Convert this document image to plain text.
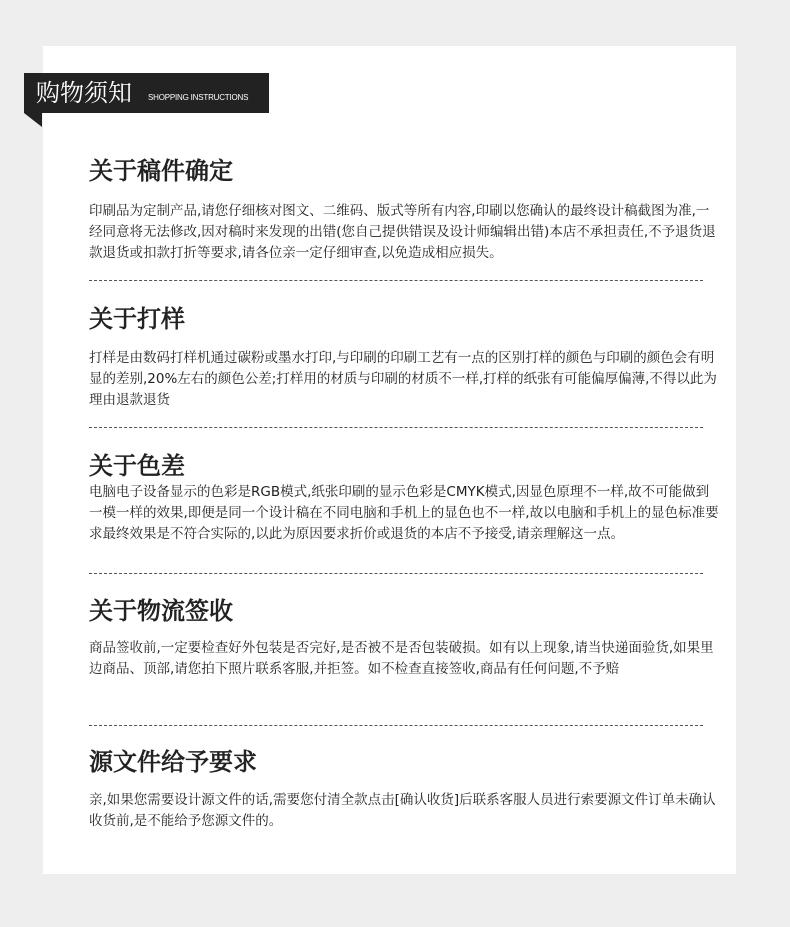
购物须知 SHOPPING INSTRUCTIONS
关于稿件确定

印刷品为定制产品,请您仔细核对图文、二维码、版式等所有内容,印刷以您确认的最终设计稿截图为准,一经同意将无法修改,因对稿时来发现的出错(您自己提供错误及设计师编辑出错)本店不承担责任,不予退货退款退货或扣款打折等要求,请各位亲一定仔细审查,以免造成相应损失。

关于打样

打样是由数码打样机通过碳粉或墨水打印,与印刷的印刷工艺有一点的区别打样的颜色与印刷的颜色会有明显的差别,20%左右的颜色公差;打样用的材质与印刷的材质不一样,打样的纸张有可能偏厚偏薄,不得以此为理由退款退货

关于色差

电脑电子设备显示的色彩是RGB模式,纸张印刷的显示色彩是CMYK模式,因显色原理不一样,故不可能做到一模一样的效果,即便是同一个设计稿在不同电脑和手机上的显色也不一样,故以电脑和手机上的显色标准要求最终效果是不符合实际的,以此为原因要求折价或退货的本店不予接受,请亲理解这一点。

关于物流签收

商品签收前,一定要检查好外包装是否完好,是否被不是否包装破损。如有以上现象,请当快递面验货,如果里边商品、顶部,请您拍下照片联系客服,并拒签。如不检查直接签收,商品有任何问题,不予赔

源文件给予要求

亲,如果您需要设计源文件的话,需要您付清全款点击[确认收货]后联系客服人员进行索要源文件订单未确认收货前,是不能给予您源文件的。
